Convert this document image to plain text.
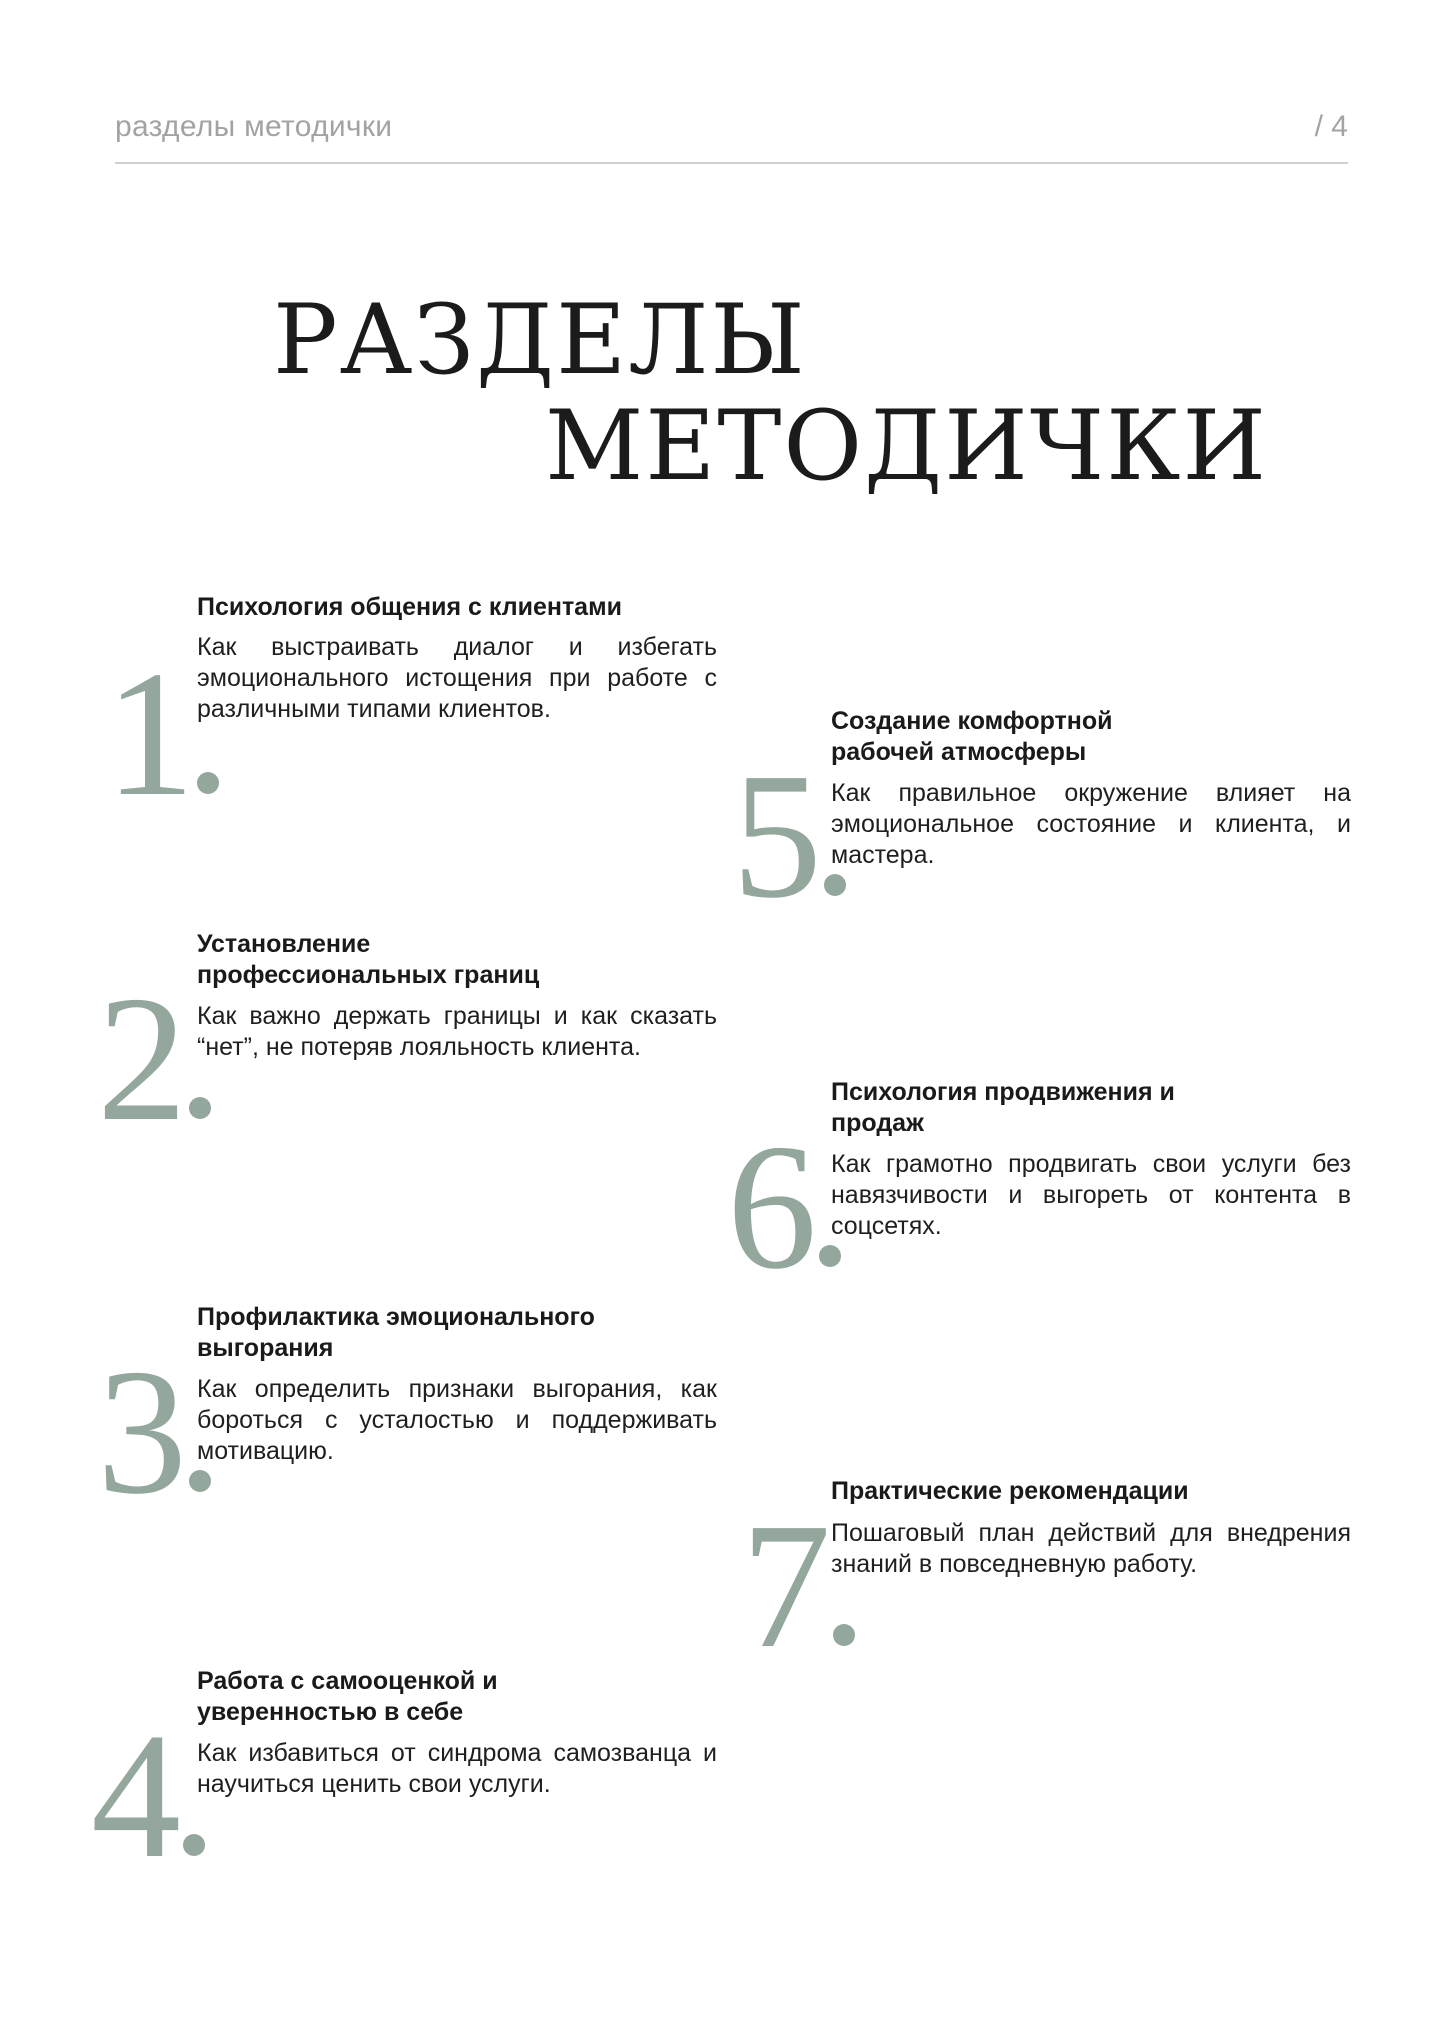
разделы методички	/ 4
РАЗДЕЛЫ
МЕТОДИЧКИ
1
Психология общения с клиентами

Как выстраивать диалог и избегать эмоционального истощения при работе с различными типами клиентов.

2
Установление профессиональных границ

Как важно держать границы и как сказать “нет”, не потеряв лояльность клиента.

3
Профилактика эмоционального выгорания

Как определить признаки выгорания, как бороться с усталостью и поддерживать мотивацию.

4
Работа с самооценкой и уверенностью в себе

Как избавиться от синдрома самозванца и научиться ценить свои услуги.

5
Создание комфортной рабочей атмосферы

Как правильное окружение влияет на эмоциональное состояние и клиента, и мастера.

6
Психология продвижения и продаж

Как грамотно продвигать свои услуги без навязчивости и выгореть от контента в соцсетях.

7 Практические рекомендации

Пошаговый план действий для внедрения знаний в повседневную работу.
